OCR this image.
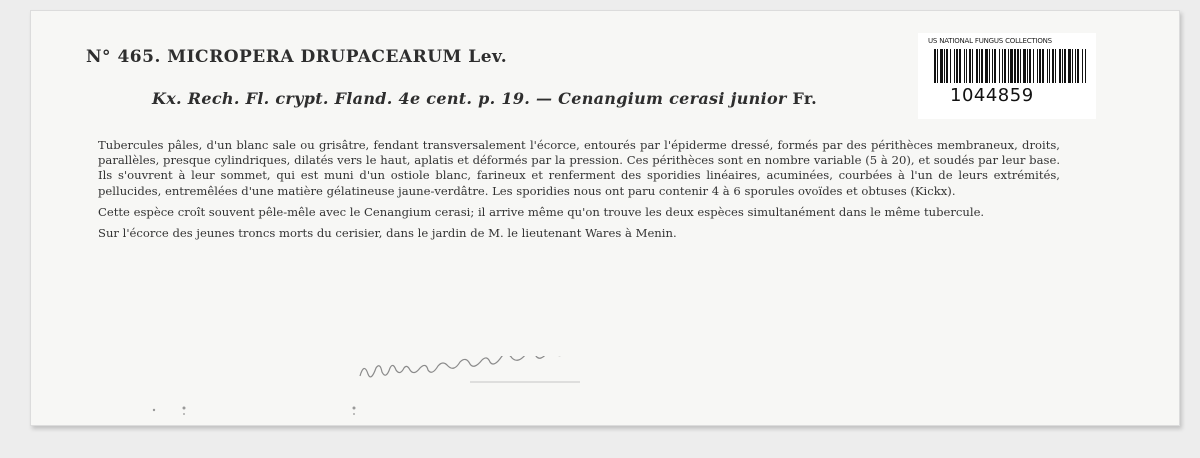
N° 465. MICROPERA DRUPACEARUM Lev.
Kx. Rech. Fl. crypt. Fland. 4e cent. p. 19. — Cenangium cerasi junior Fr.
US NATIONAL FUNGUS COLLECTIONS
1044859

Tubercules pâles, d'un blanc sale ou grisâtre, fendant transversalement l'écorce, entourés par l'épiderme dressé, formés par des périthèces membraneux, droits, parallèles, presque cylindriques, dilatés vers le haut, aplatis et déformés par la pression. Ces périthèces sont en nombre variable (5 à 20), et soudés par leur base. Ils s'ouvrent à leur sommet, qui est muni d'un ostiole blanc, farineux et renferment des sporidies linéaires, acuminées, courbées à l'un de leurs extrémités, pellucides, entremêlées d'une matière gélatineuse jaune-verdâtre. Les sporidies nous ont paru contenir 4 à 6 sporules ovoïdes et obtuses (Kickx).

Cette espèce croît souvent pêle-mêle avec le Cenangium cerasi; il arrive même qu'on trouve les deux espèces simultanément dans le même tubercule.

Sur l'écorce des jeunes troncs morts du cerisier, dans le jardin de M. le lieutenant Wares à Menin.
